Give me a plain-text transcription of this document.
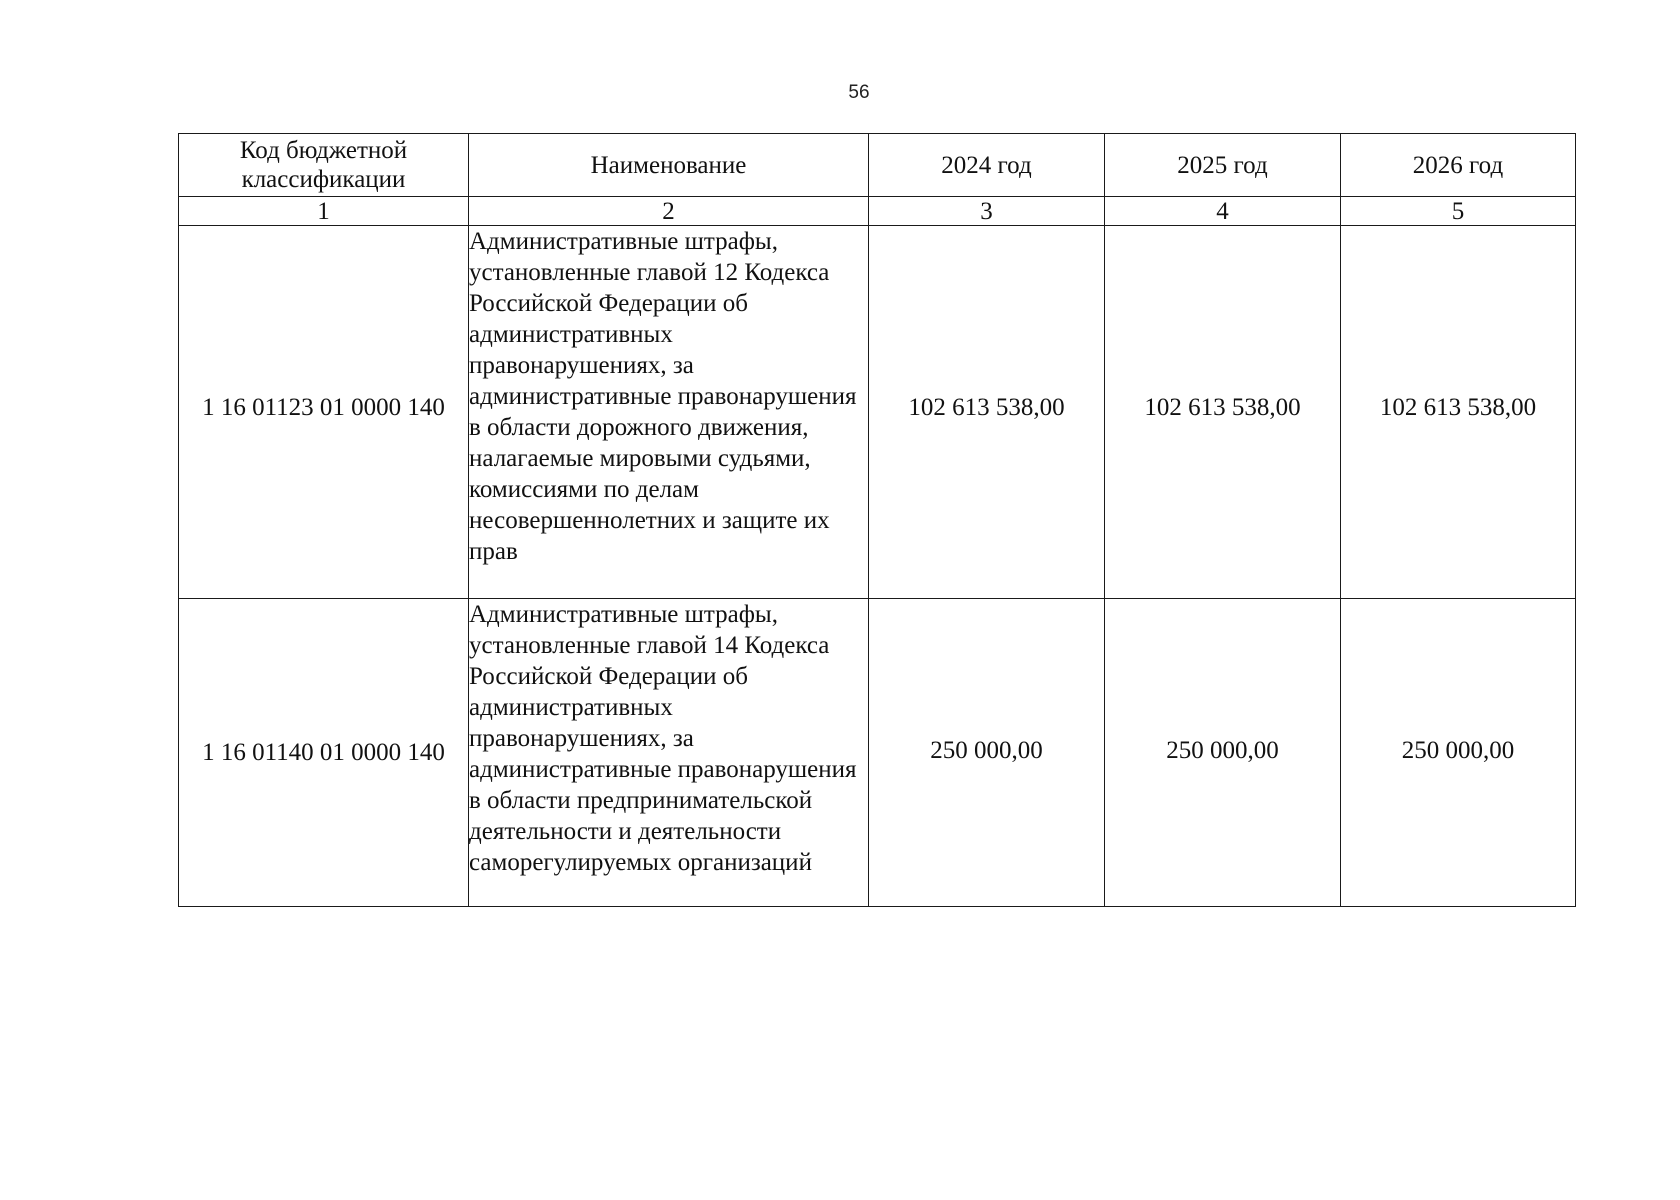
56
Код бюджетной классификации	Наименование	2024 год	2025 год	2026 год
1	2	3	4	5
1 16 01123 01 0000 140	Административные штрафы, установленные главой 12 Кодекса Российской Федерации об административных правонарушениях, за административные правонарушения в области дорожного движения, налагаемые мировыми судьями, комиссиями по делам несовершеннолетних и защите их прав	102 613 538,00	102 613 538,00	102 613 538,00
1 16 01140 01 0000 140	Административные штрафы, установленные главой 14 Кодекса Российской Федерации об административных правонарушениях, за административные правонарушения в области предпринимательской деятельности и деятельности саморегулируемых организаций	250 000,00	250 000,00	250 000,00
